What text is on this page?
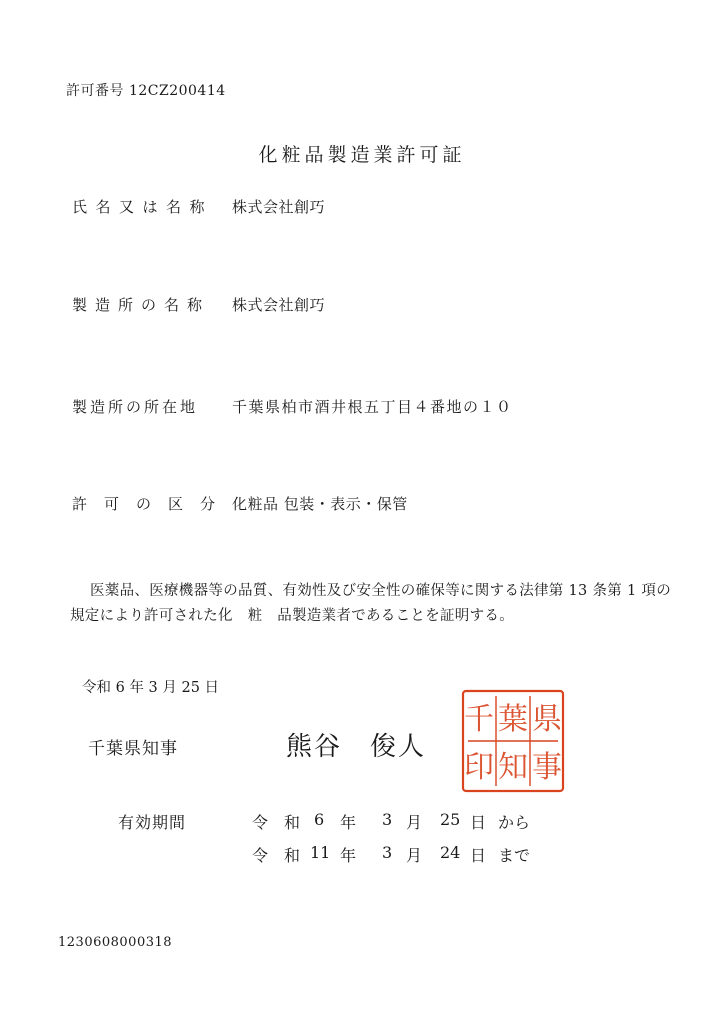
許可番号 12CZ200414
化粧品製造業許可証
氏名又は名称 株式会社創巧
製造所の名称 株式会社創巧
製造所の所在地 千葉県柏市酒井根五丁目４番地の１０
許可の区分 化粧品 包装・表示・保管
医薬品、医療機器等の品質、有効性及び安全性の確保等に関する法律第 13 条第 1 項の
規定により許可された化　粧　品製造業者であることを証明する。
令和 6 年 3 月 25 日
千葉県知事	熊谷　俊人
県
事
葉
知
千
印
有効期間	令　和 6 年 3 月 25 日 から
令　和 11 年 3 月 24 日 まで
1230608000318
